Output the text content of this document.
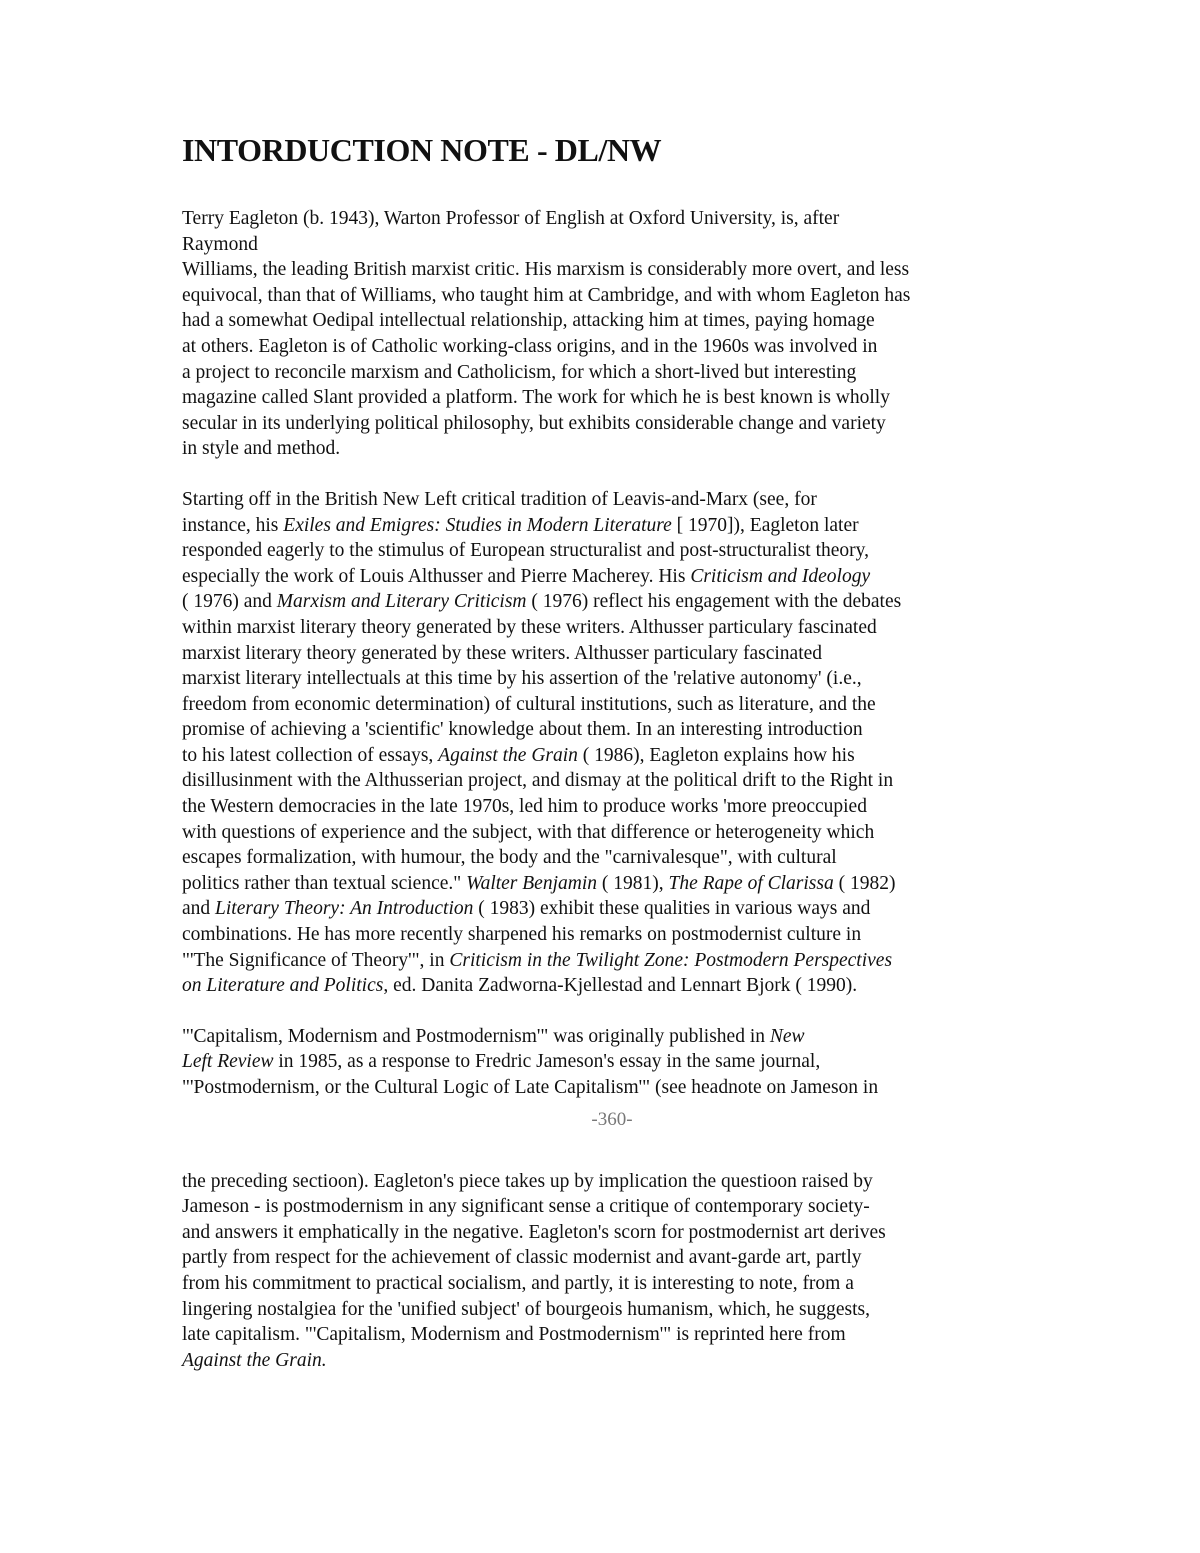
INTORDUCTION NOTE - DL/NW
Terry Eagleton (b. 1943), Warton Professor of English at Oxford University, is, after
Raymond
Williams, the leading British marxist critic. His marxism is considerably more overt, and less
equivocal, than that of Williams, who taught him at Cambridge, and with whom Eagleton has
had a somewhat Oedipal intellectual relationship, attacking him at times, paying homage
at others. Eagleton is of Catholic working-class origins, and in the 1960s was involved in
a project to reconcile marxism and Catholicism, for which a short-lived but interesting
magazine called Slant provided a platform. The work for which he is best known is wholly
secular in its underlying political philosophy, but exhibits considerable change and variety
in style and method.
Starting off in the British New Left critical tradition of Leavis-and-Marx (see, for
instance, his Exiles and Emigres: Studies in Modern Literature [ 1970]), Eagleton later
responded eagerly to the stimulus of European structuralist and post-structuralist theory,
especially the work of Louis Althusser and Pierre Macherey. His Criticism and Ideology
( 1976) and Marxism and Literary Criticism ( 1976) reflect his engagement with the debates
within marxist literary theory generated by these writers. Althusser particulary fascinated
marxist literary theory generated by these writers. Althusser particulary fascinated
marxist literary intellectuals at this time by his assertion of the 'relative autonomy' (i.e.,
freedom from economic determination) of cultural institutions, such as literature, and the
promise of achieving a 'scientific' knowledge about them. In an interesting introduction
to his latest collection of essays, Against the Grain ( 1986), Eagleton explains how his
disillusinment with the Althusserian project, and dismay at the political drift to the Right in
the Western democracies in the late 1970s, led him to produce works 'more preoccupied
with questions of experience and the subject, with that difference or heterogeneity which
escapes formalization, with humour, the body and the "carnivalesque", with cultural
politics rather than textual science." Walter Benjamin ( 1981), The Rape of Clarissa ( 1982)
and Literary Theory: An Introduction ( 1983) exhibit these qualities in various ways and
combinations. He has more recently sharpened his remarks on postmodernist culture in
"'The Significance of Theory'", in Criticism in the Twilight Zone: Postmodern Perspectives
on Literature and Politics, ed. Danita Zadworna-Kjellestad and Lennart Bjork ( 1990).
"'Capitalism, Modernism and Postmodernism'" was originally published in New
Left Review in 1985, as a response to Fredric Jameson's essay in the same journal,
"'Postmodernism, or the Cultural Logic of Late Capitalism'" (see headnote on Jameson in
-360-
the preceding sectioon). Eagleton's piece takes up by implication the questioon raised by
Jameson - is postmodernism in any significant sense a critique of contemporary society-
and answers it emphatically in the negative. Eagleton's scorn for postmodernist art derives
partly from respect for the achievement of classic modernist and avant-garde art, partly
from his commitment to practical socialism, and partly, it is interesting to note, from a
lingering nostalgiea for the 'unified subject' of bourgeois humanism, which, he suggests,
late capitalism. "'Capitalism, Modernism and Postmodernism'" is reprinted here from
Against the Grain.
